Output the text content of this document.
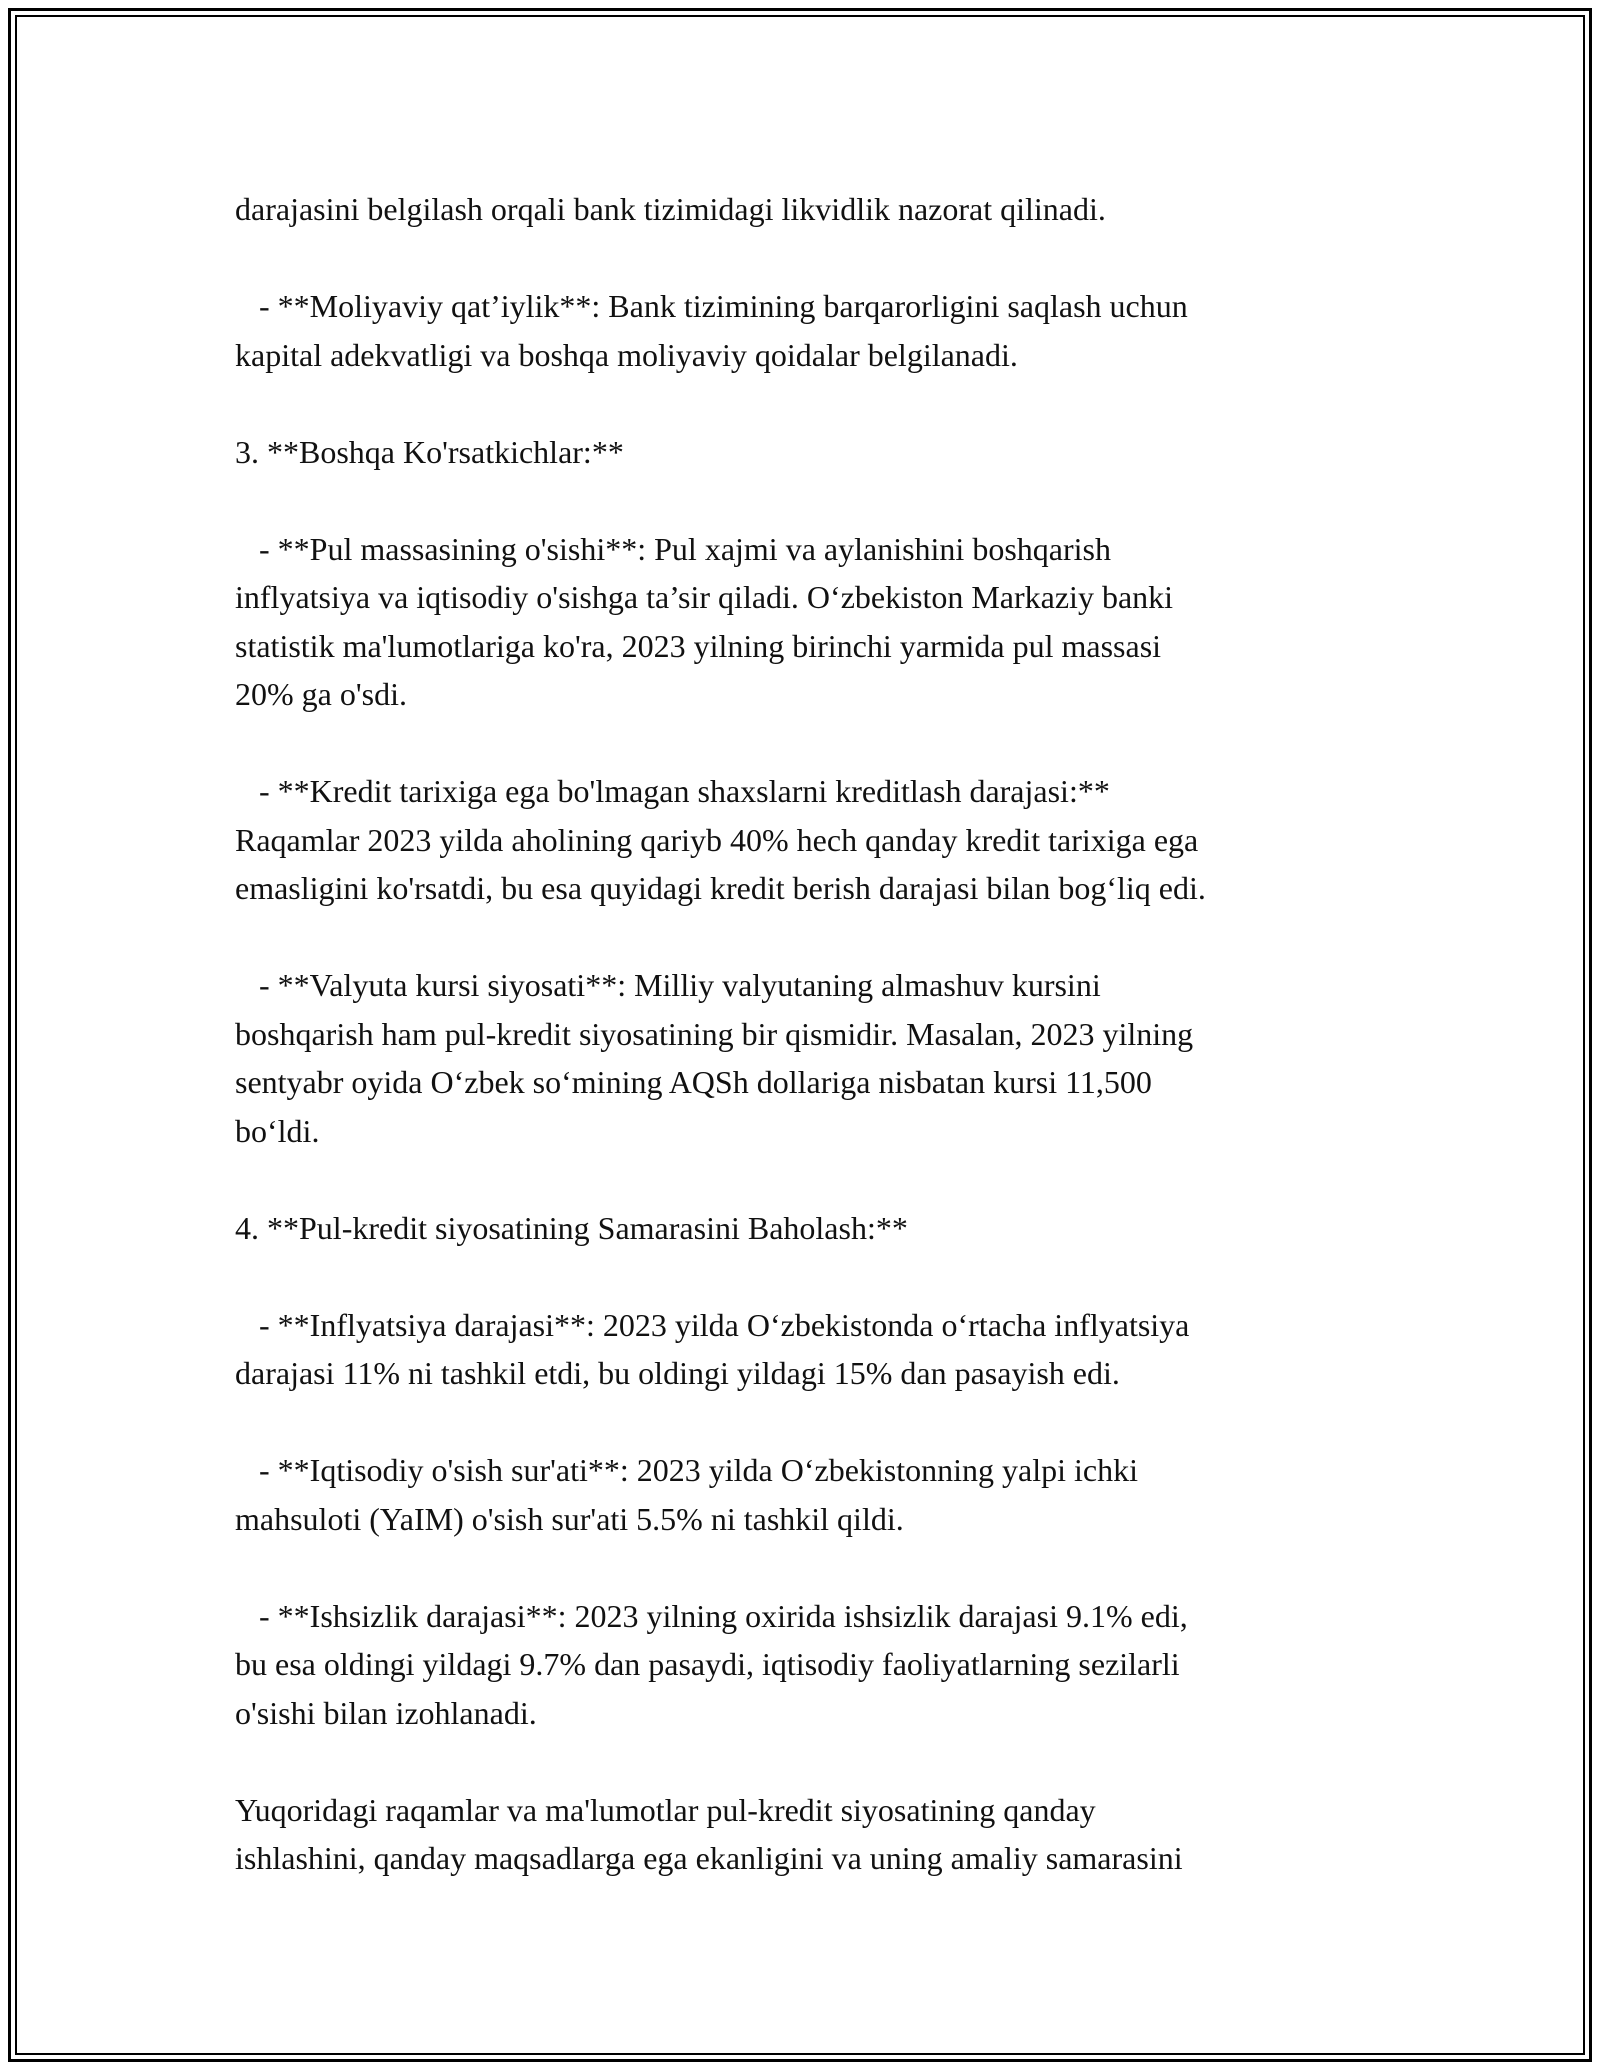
darajasini belgilash orqali bank tizimidagi likvidlik nazorat qilinadi.
- **Moliyaviy qat’iylik**: Bank tizimining barqarorligini saqlash uchun
kapital adekvatligi va boshqa moliyaviy qoidalar belgilanadi.
3. **Boshqa Ko'rsatkichlar:**
- **Pul massasining o'sishi**: Pul xajmi va aylanishini boshqarish
inflyatsiya va iqtisodiy o'sishga ta’sir qiladi. O‘zbekiston Markaziy banki
statistik ma'lumotlariga ko'ra, 2023 yilning birinchi yarmida pul massasi
20% ga o'sdi.
- **Kredit tarixiga ega bo'lmagan shaxslarni kreditlash darajasi:**
Raqamlar 2023 yilda aholining qariyb 40% hech qanday kredit tarixiga ega
emasligini ko'rsatdi, bu esa quyidagi kredit berish darajasi bilan bog‘liq edi.
- **Valyuta kursi siyosati**: Milliy valyutaning almashuv kursini
boshqarish ham pul-kredit siyosatining bir qismidir. Masalan, 2023 yilning
sentyabr oyida O‘zbek so‘mining AQSh dollariga nisbatan kursi 11,500
bo‘ldi.
4. **Pul-kredit siyosatining Samarasini Baholash:**
- **Inflyatsiya darajasi**: 2023 yilda O‘zbekistonda o‘rtacha inflyatsiya
darajasi 11% ni tashkil etdi, bu oldingi yildagi 15% dan pasayish edi.
- **Iqtisodiy o'sish sur'ati**: 2023 yilda O‘zbekistonning yalpi ichki
mahsuloti (YaIM) o'sish sur'ati 5.5% ni tashkil qildi.
- **Ishsizlik darajasi**: 2023 yilning oxirida ishsizlik darajasi 9.1% edi,
bu esa oldingi yildagi 9.7% dan pasaydi, iqtisodiy faoliyatlarning sezilarli
o'sishi bilan izohlanadi.
Yuqoridagi raqamlar va ma'lumotlar pul-kredit siyosatining qanday
ishlashini, qanday maqsadlarga ega ekanligini va uning amaliy samarasini
